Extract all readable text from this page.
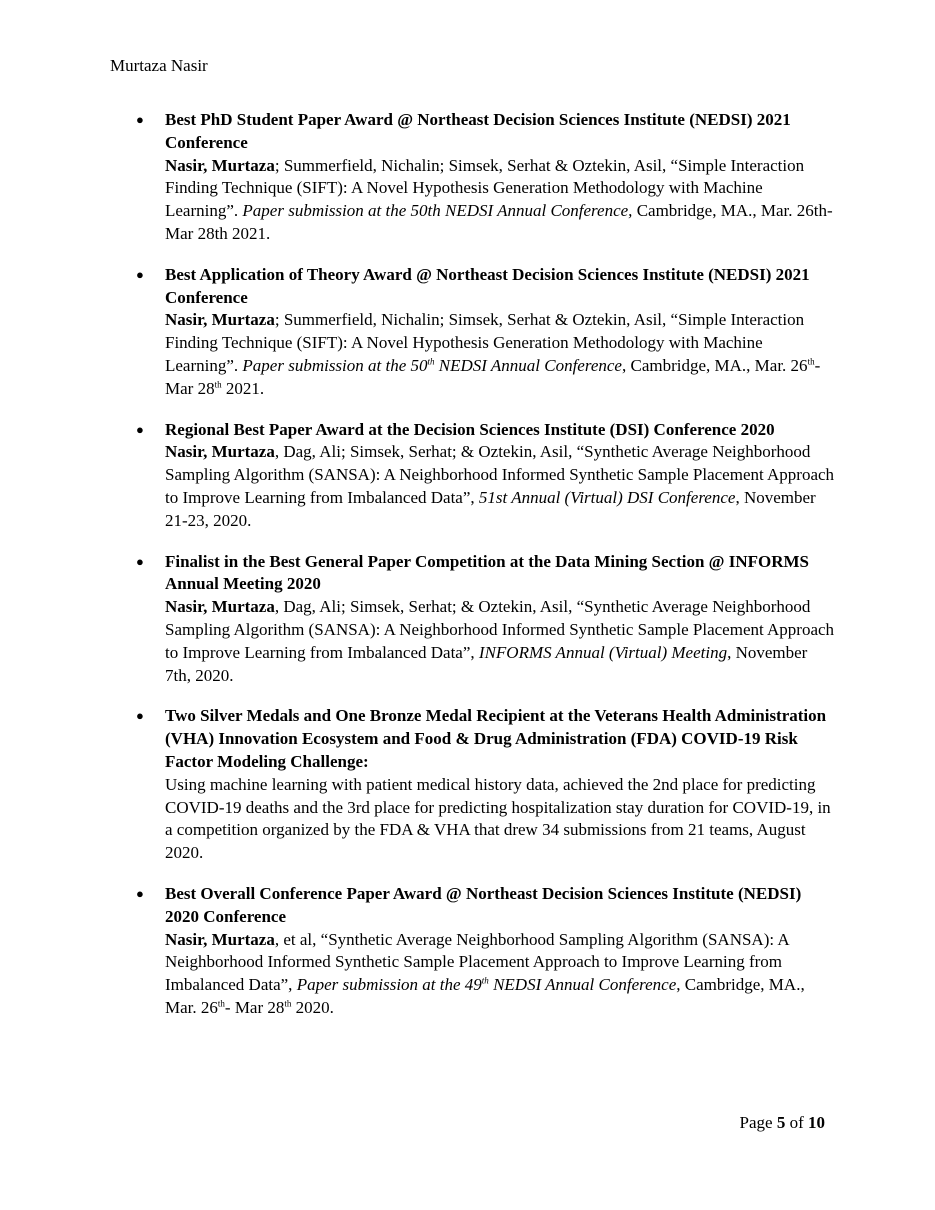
Murtaza Nasir
●	Best PhD Student Paper Award @ Northeast Decision Sciences Institute (NEDSI) 2021 Conference
Nasir, Murtaza; Summerfield, Nichalin; Simsek, Serhat & Oztekin, Asil, “Simple Interaction Finding Technique (SIFT): A Novel Hypothesis Generation Methodology with Machine Learning”. Paper submission at the 50th NEDSI Annual Conference, Cambridge, MA., Mar. 26th- Mar 28th 2021.
●	Best Application of Theory Award @ Northeast Decision Sciences Institute (NEDSI) 2021 Conference
Nasir, Murtaza; Summerfield, Nichalin; Simsek, Serhat & Oztekin, Asil, “Simple Interaction Finding Technique (SIFT): A Novel Hypothesis Generation Methodology with Machine Learning”. Paper submission at the 50th NEDSI Annual Conference, Cambridge, MA., Mar. 26th- Mar 28th 2021.
●	Regional Best Paper Award at the Decision Sciences Institute (DSI) Conference 2020
Nasir, Murtaza, Dag, Ali; Simsek, Serhat; & Oztekin, Asil, “Synthetic Average Neighborhood Sampling Algorithm (SANSA): A Neighborhood Informed Synthetic Sample Placement Approach to Improve Learning from Imbalanced Data”, 51st Annual (Virtual) DSI Conference, November 21-23, 2020.
●	Finalist in the Best General Paper Competition at the Data Mining Section @ INFORMS Annual Meeting 2020
Nasir, Murtaza, Dag, Ali; Simsek, Serhat; & Oztekin, Asil, “Synthetic Average Neighborhood Sampling Algorithm (SANSA): A Neighborhood Informed Synthetic Sample Placement Approach to Improve Learning from Imbalanced Data”, INFORMS Annual (Virtual) Meeting, November 7th, 2020.
●	Two Silver Medals and One Bronze Medal Recipient at the Veterans Health Administration (VHA) Innovation Ecosystem and Food & Drug Administration (FDA) COVID-19 Risk Factor Modeling Challenge:
Using machine learning with patient medical history data, achieved the 2nd place for predicting COVID-19 deaths and the 3rd place for predicting hospitalization stay duration for COVID-19, in a competition organized by the FDA & VHA that drew 34 submissions from 21 teams, August 2020.
●	Best Overall Conference Paper Award @ Northeast Decision Sciences Institute (NEDSI) 2020 Conference
Nasir, Murtaza, et al, “Synthetic Average Neighborhood Sampling Algorithm (SANSA): A Neighborhood Informed Synthetic Sample Placement Approach to Improve Learning from Imbalanced Data”, Paper submission at the 49th NEDSI Annual Conference, Cambridge, MA., Mar. 26th- Mar 28th 2020.
Page 5 of 10
